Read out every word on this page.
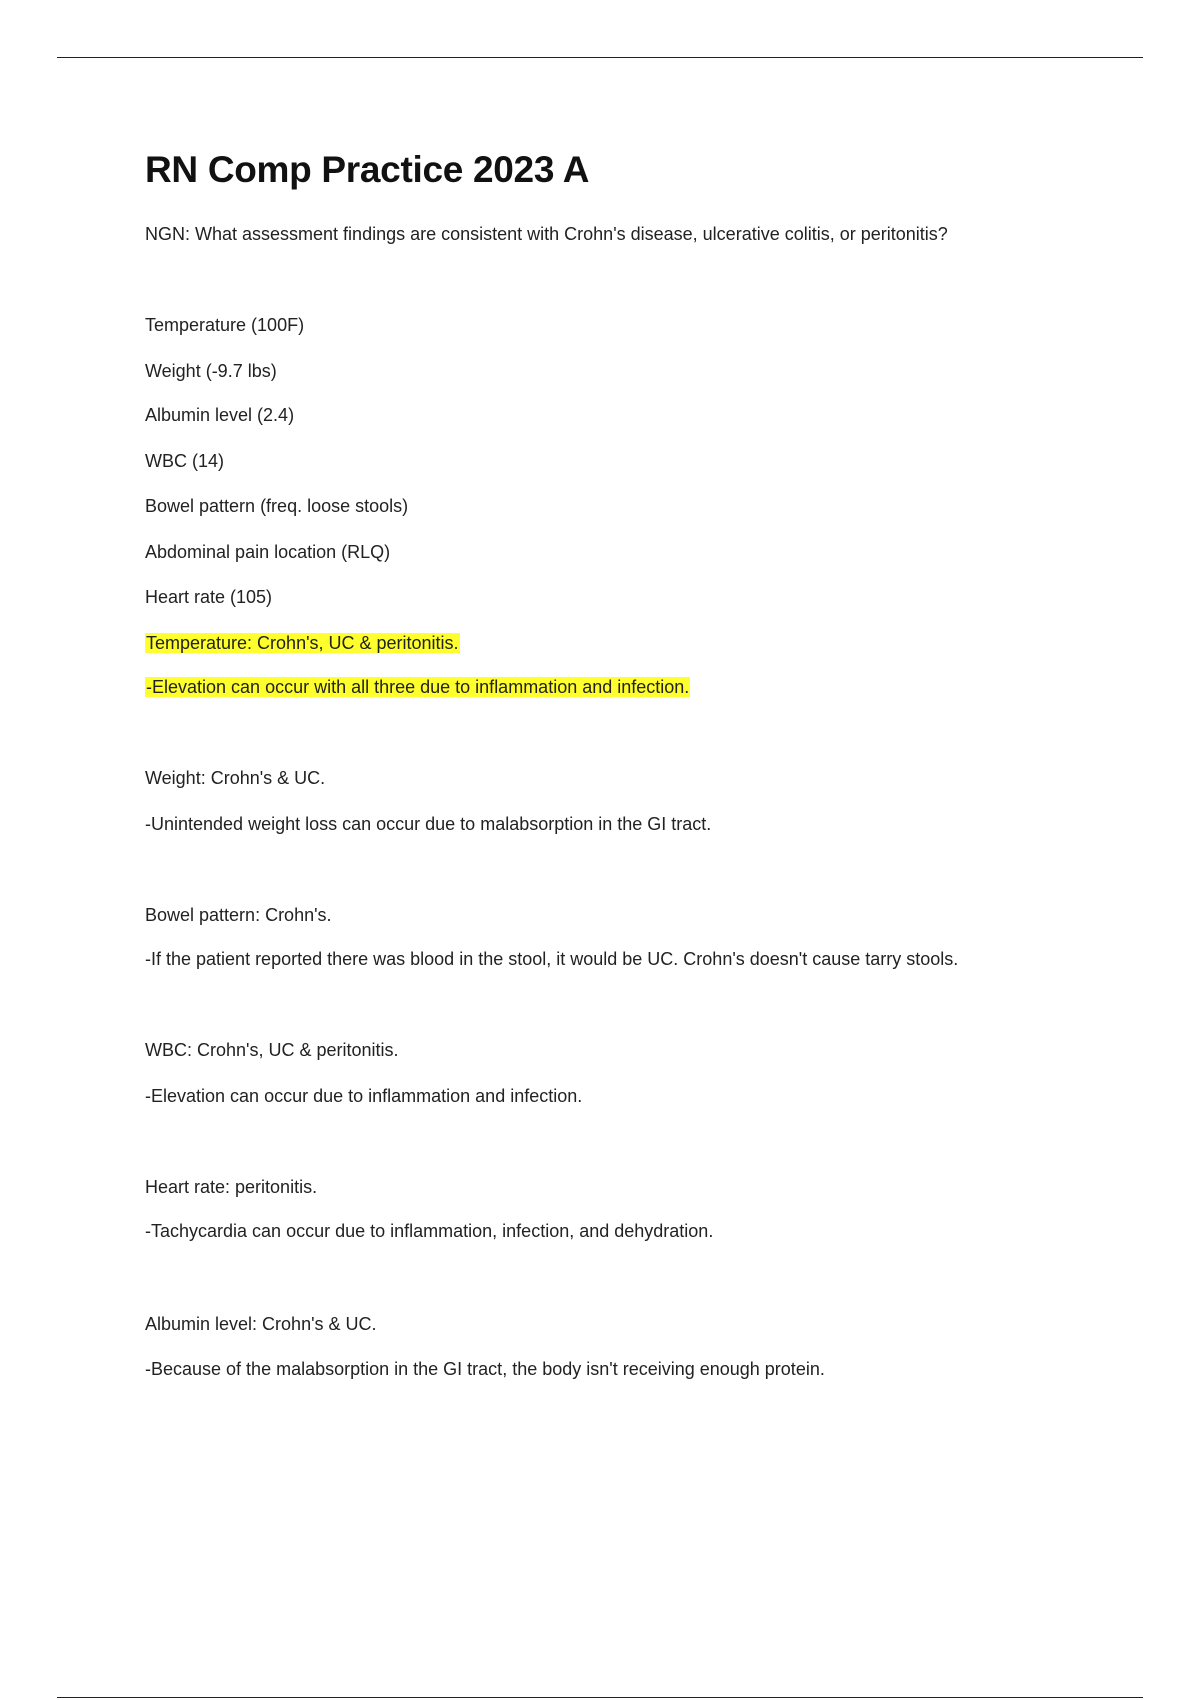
RN Comp Practice 2023 A
NGN: What assessment findings are consistent with Crohn's disease, ulcerative colitis, or peritonitis?
Temperature (100F)
Weight (-9.7 lbs)
Albumin level (2.4)
WBC (14)
Bowel pattern (freq. loose stools)
Abdominal pain location (RLQ)
Heart rate (105)
Temperature: Crohn's, UC & peritonitis.
-Elevation can occur with all three due to inflammation and infection.
Weight: Crohn's & UC.
-Unintended weight loss can occur due to malabsorption in the GI tract.
Bowel pattern: Crohn's.
-If the patient reported there was blood in the stool, it would be UC. Crohn's doesn't cause tarry stools.
WBC: Crohn's, UC & peritonitis.
-Elevation can occur due to inflammation and infection.
Heart rate: peritonitis.
-Tachycardia can occur due to inflammation, infection, and dehydration.
Albumin level: Crohn's & UC.
-Because of the malabsorption in the GI tract, the body isn't receiving enough protein.
